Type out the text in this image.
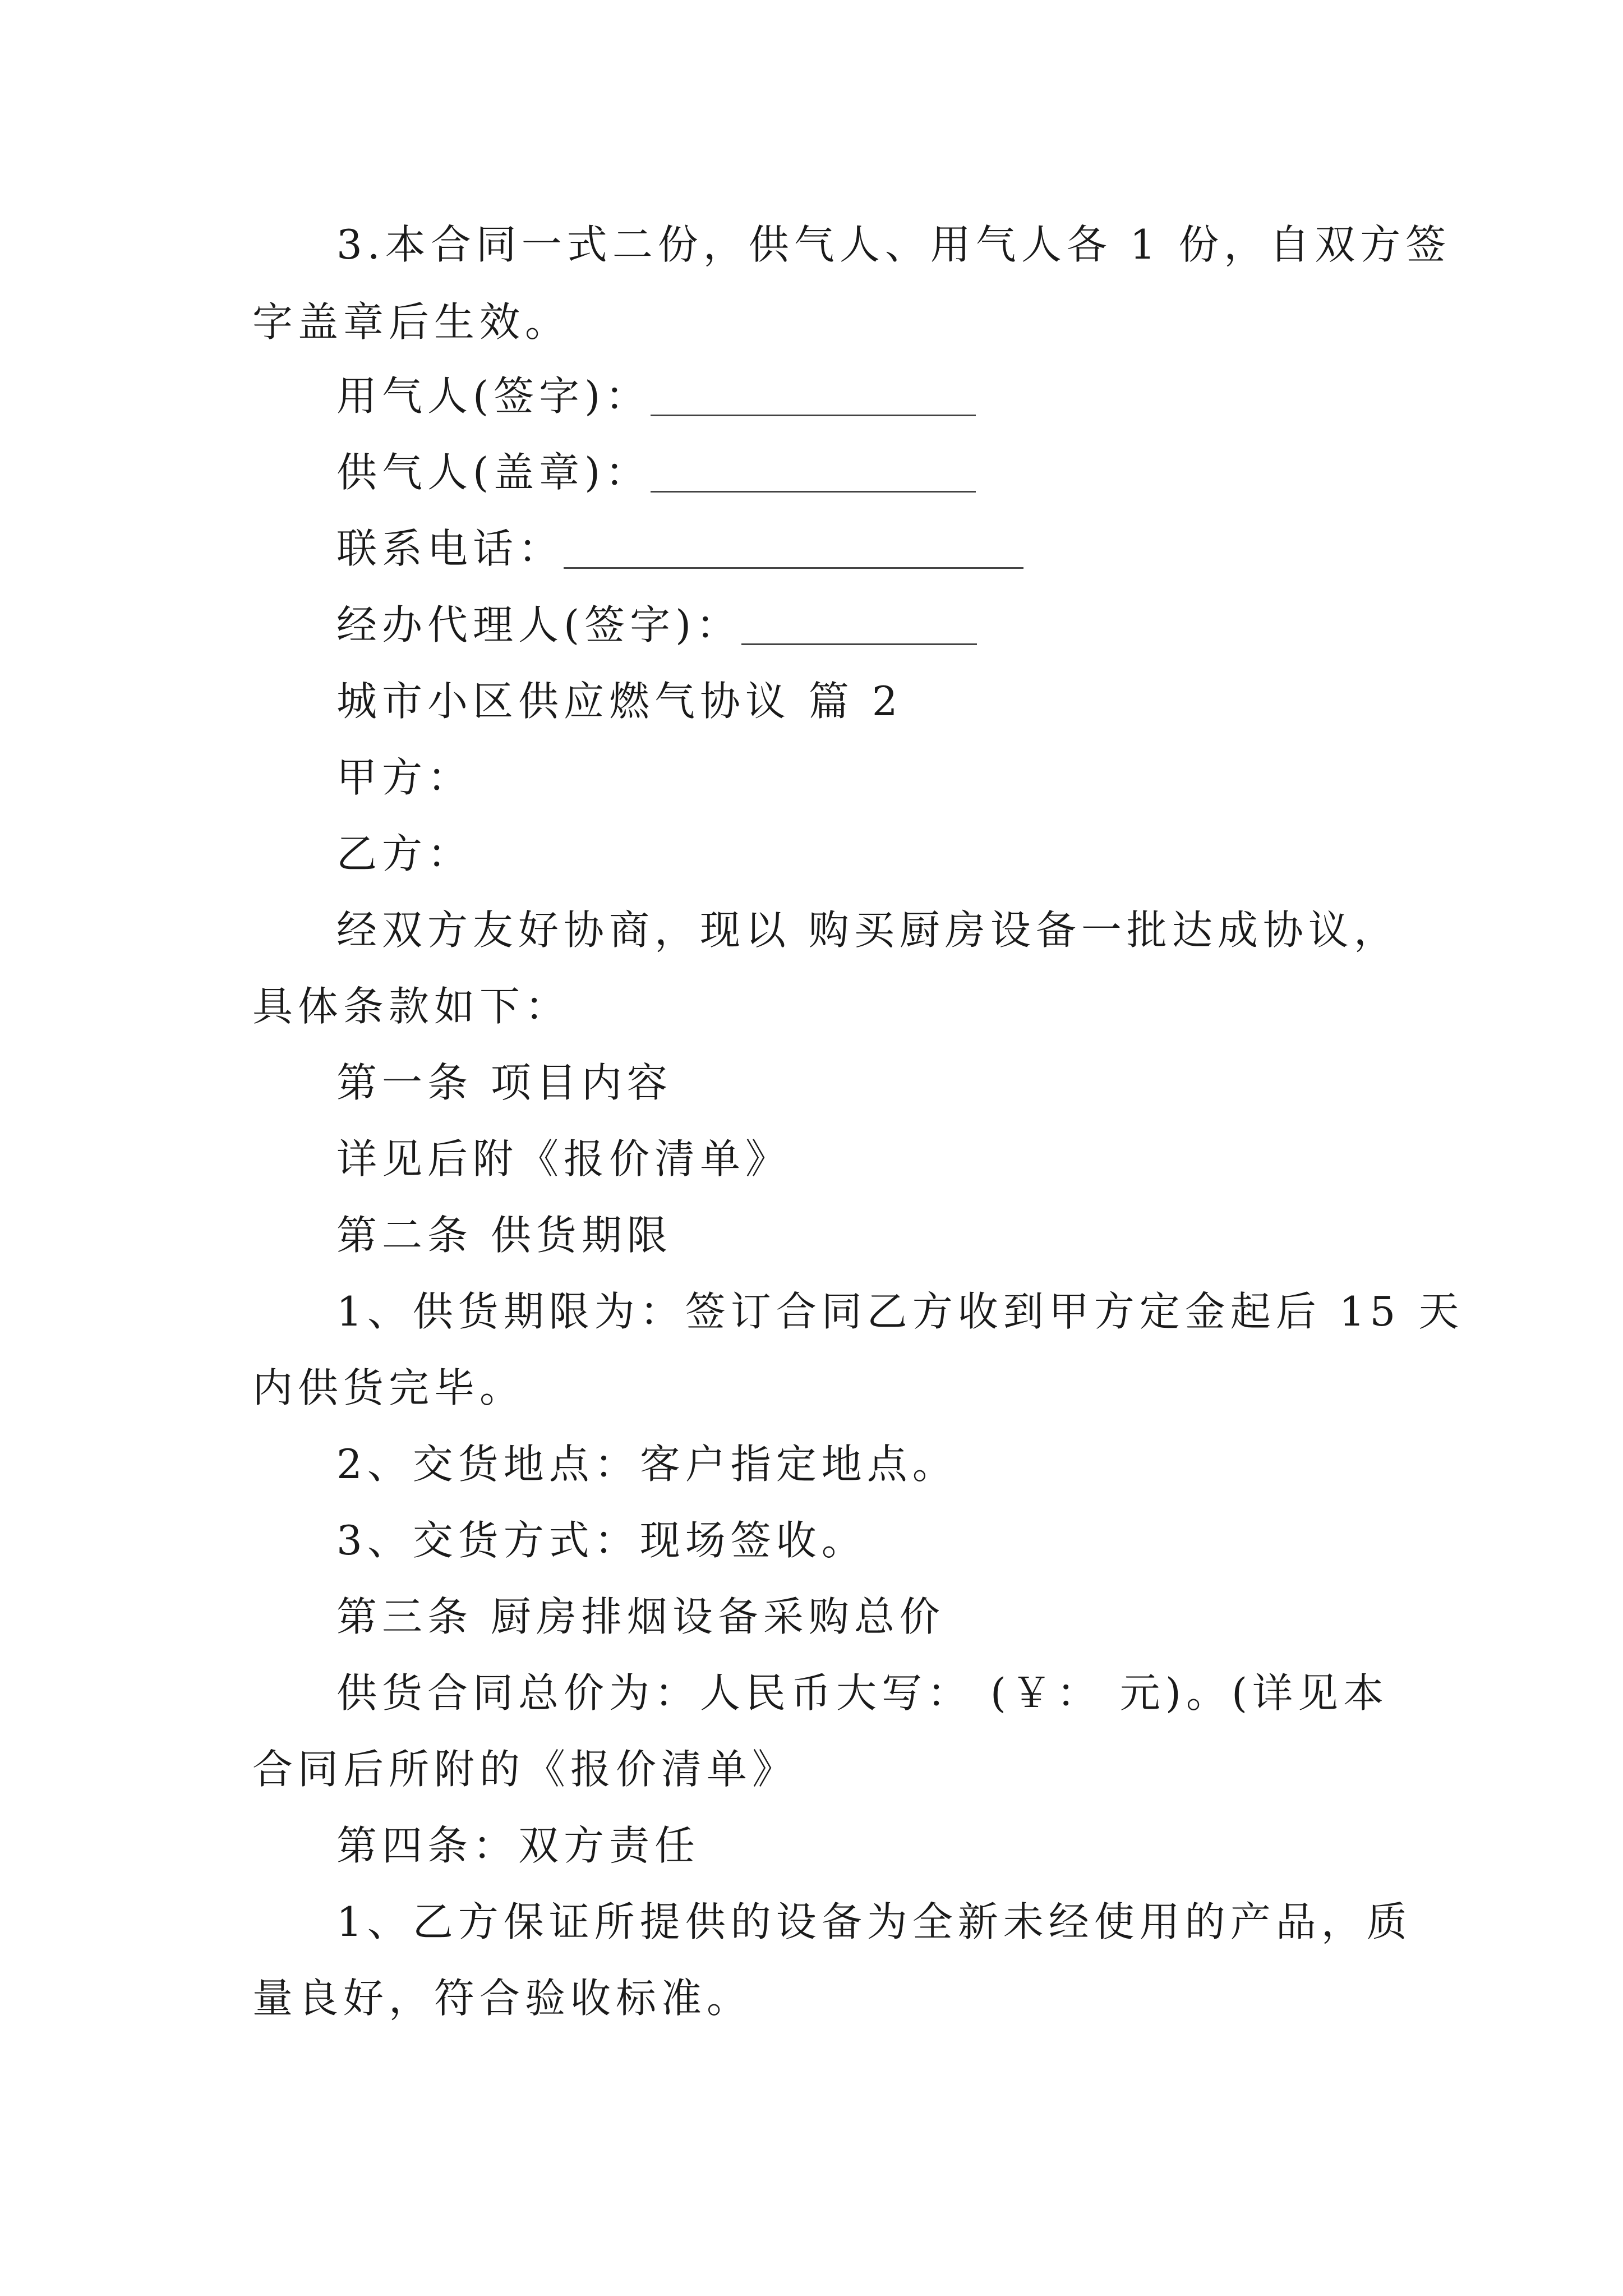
3.本合同一式二份，供气人、用气人各 1 份，自双方签
字盖章后生效。
用气人(签字)：
供气人(盖章)：
联系电话：
经办代理人(签字)：
城市小区供应燃气协议 篇 2
甲方：
乙方：
经双方友好协商，现以 购买厨房设备一批达成协议，
具体条款如下：
第一条 项目内容
详见后附《报价清单》
第二条 供货期限
1、供货期限为：签订合同乙方收到甲方定金起后 15 天
内供货完毕。
2、交货地点：客户指定地点。
3、交货方式：现场签收。
第三条 厨房排烟设备采购总价
供货合同总价为：人民币大写： (￥： 元)。(详见本
合同后所附的《报价清单》
第四条：双方责任
1、乙方保证所提供的设备为全新未经使用的产品，质
量良好，符合验收标准。
